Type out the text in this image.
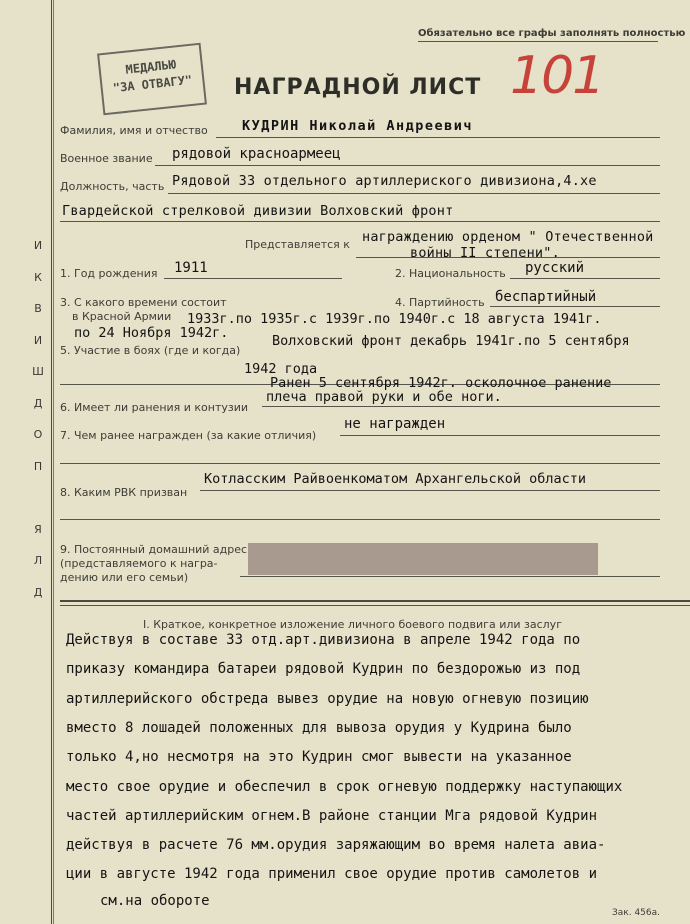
И
К
В
И
Ш
Д
О
П
Я
Л
Д
Обязательно все графы заполнять полностью
МЕДАЛЬЮ
"ЗА ОТВАГУ"	НАГРАДНОЙ ЛИСТ 101
Фамилия, имя и отчество	КУДРИН Николай Андреевич
Военное звание рядовой красноармеец
Должность, часть Рядовой 33 отдельного артиллериского дивизиона,4.хе
Гвардейской стрелковой дивизии Волховский фронт
Представляется к награждению орденом " Отечественной
войны II степени".
1. Год рождения 1911	2. Национальность русский
3. С какого времени состоит
в Красной Армии 1933г.по 1935г.с 1939г.по 1940г.с 18 августа 1941г.
по 24 Ноября 1942г.
4. Партийность беспартийный
5. Участие в боях (где и когда)
Волховский фронт декабрь 1941г.по 5 сентября
1942 года
6. Имеет ли ранения и контузии
Ранен 5 сентября 1942г. осколочное ранение
плеча правой руки и обе ноги.
7. Чем ранее награжден (за какие отличия)
не награжден
8. Каким РВК призван
Котласским Райвоенкоматом Архангельской области
9. Постоянный домашний адрес
(представляемого к награ-
дению или его семьи)
I. Краткое, конкретное изложение личного боевого подвига или заслуг
Действуя в составе 33 отд.арт.дивизиона в апреле 1942 года по
приказу командира батареи рядовой Кудрин по бездорожью из под
артиллерийского обстреда вывез орудие на новую огневую позицию
вместо 8 лошадей положенных для вывоза орудия у Кудрина было
только 4,но несмотря на это Кудрин смог вывести на указанное
место свое орудие и обеспечил в срок огневую поддержку наступающих
частей артиллерийским огнем.В районе станции Мга рядовой Кудрин
действуя в расчете 76 мм.орудия заряжающим во время налета авиа-
ции в августе 1942 года применил свое орудие против самолетов и
см.на обороте
Зак. 456а.
